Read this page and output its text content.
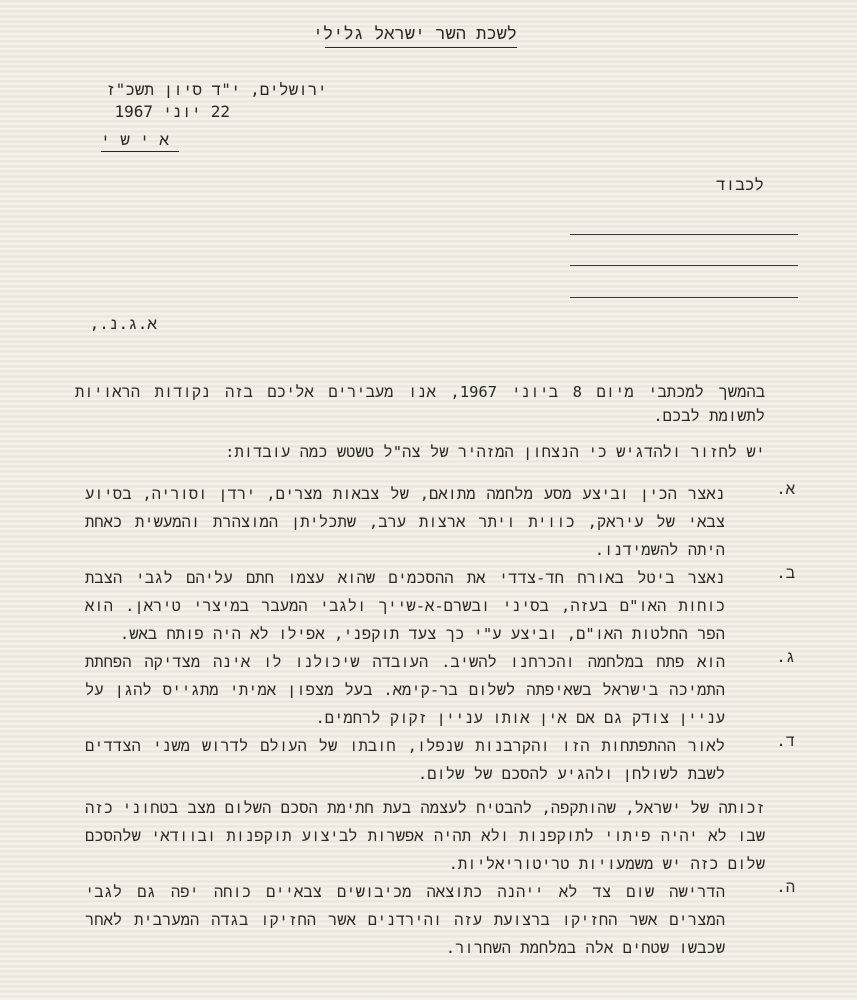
לשכת השר ישראל גלילי
ירושלים, י"ד סיון תשכ"ז
22 יוני 1967
אישי
לכבוד
א.ג.נ.,
בהמשך למכתבי מיום 8 ביוני 1967, אנו מעבירים אליכם בזה נקודות הראויות לתשומת לבכם.
יש לחזור ולהדגיש כי הנצחון המזהיר של צה"ל טשטש כמה עובדות:
א.
נאצר הכין וביצע מסע מלחמה מתואם, של צבאות מצרים, ירדן וסוריה, בסיוע צבאי של עיראק, כווית ויתר ארצות ערב, שתכליתן המוצהרת והמעשית כאחת היתה להשמידנו.
ב.
נאצר ביטל באורח חד-צדדי את ההסכמים שהוא עצמו חתם עליהם לגבי הצבת כוחות האו"ם בעזה, בסיני ובשרם-א-שייך ולגבי המעבר במיצרי טיראן. הוא הפר החלטות האו"ם, וביצע ע"י כך צעד תוקפני, אפילו לא היה פותח באש.
ג.
הוא פתח במלחמה והכרחנו להשיב. העובדה שיכולנו לו אינה מצדיקה הפחתת התמיכה בישראל בשאיפתה לשלום בר-קימא. בעל מצפון אמיתי מתגייס להגן על עניין צודק גם אם אין אותו עניין זקוק לרחמים.
ד.
לאור ההתפתחות הזו והקרבנות שנפלו, חובתו של העולם לדרוש משני הצדדים לשבת לשולחן ולהגיע להסכם של שלום.
זכותה של ישראל, שהותקפה, להבטיח לעצמה בעת חתימת הסכם השלום מצב בטחוני כזה שבו לא יהיה פיתוי לתוקפנות ולא תהיה אפשרות לביצוע תוקפנות ובוודאי שלהסכם שלום כזה יש משמעויות טריטוריאליות.
ה.
הדרישה שום צד לא ייהנה כתוצאה מכיבושים צבאיים כוחה יפה גם לגבי המצרים אשר החזיקו ברצועת עזה והירדנים אשר החזיקו בגדה המערבית לאחר שכבשו שטחים אלה במלחמת השחרור.
